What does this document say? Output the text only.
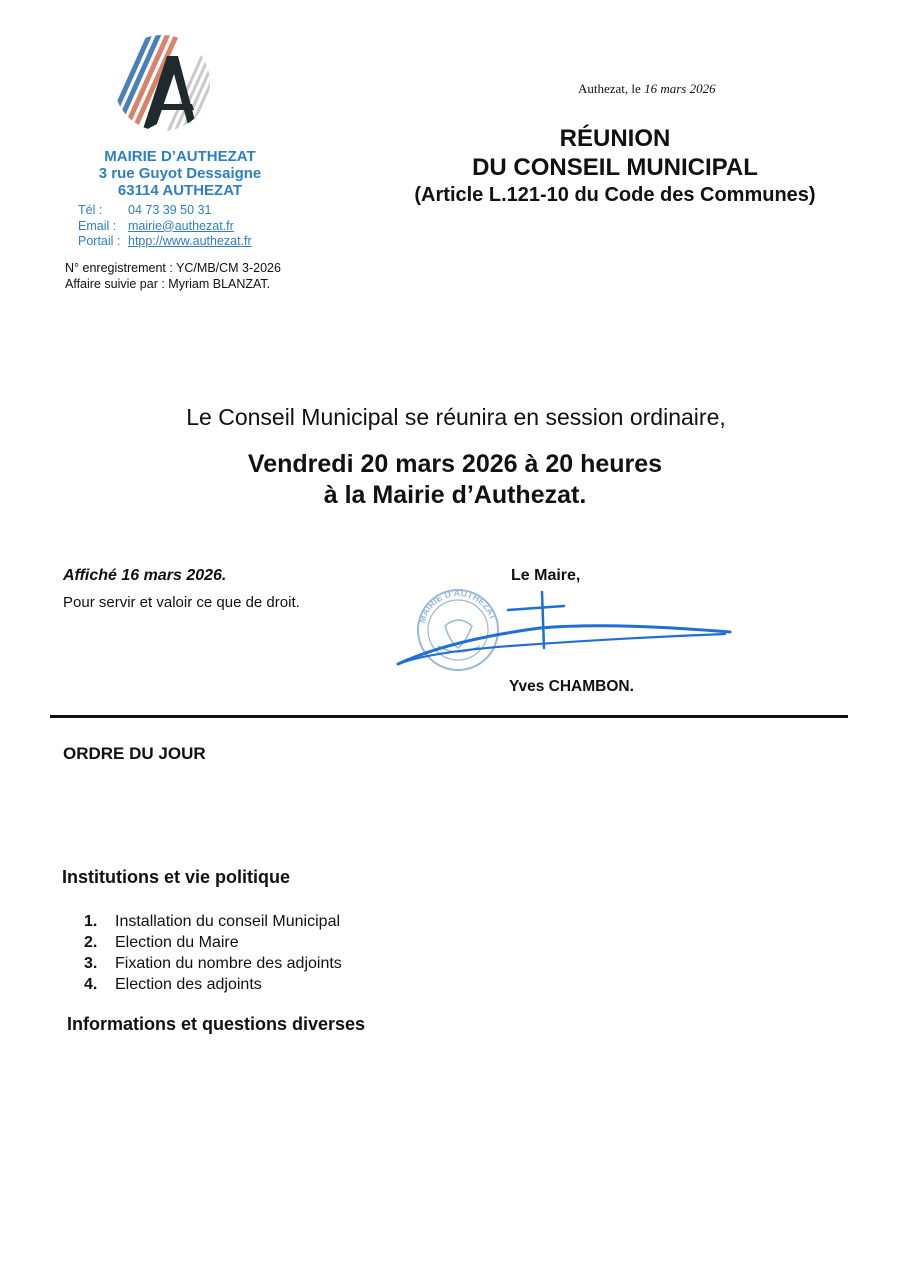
MAIRIE D’AUTHEZAT
3 rue Guyot Dessaigne
63114 AUTHEZAT
Tél :	04 73 39 50 31
Email : mairie@authezat.fr
Portail : htpp://www.authezat.fr
N° enregistrement : YC/MB/CM 3-2026
Affaire suivie par : Myriam BLANZAT.
Authezat, le 16 mars 2026
RÉUNION
DU CONSEIL MUNICIPAL
(Article L.121-10 du Code des Communes)
Le Conseil Municipal se réunira en session ordinaire,
Vendredi 20 mars 2026 à 20 heures
à la Mairie d’Authezat.
Affiché 16 mars 2026.
Pour servir et valoir ce que de droit.
Le Maire,
MAIRIE D'AUTHEZAT
Yves CHAMBON.
ORDRE DU JOUR
Institutions et vie politique
1.	Installation du conseil Municipal
2.	Election du Maire
3.	Fixation du nombre des adjoints
4.	Election des adjoints
Informations et questions diverses
